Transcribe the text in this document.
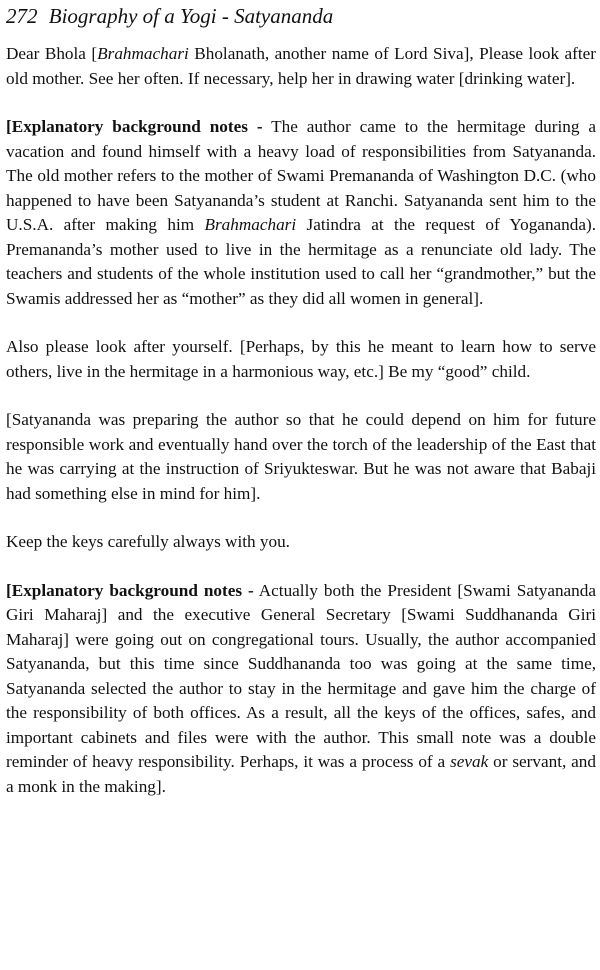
272 Biography of a Yogi - Satyananda

Dear Bhola [Brahmachari Bholanath, another name of Lord Siva], Please look after old mother. See her often. If necessary, help her in drawing water [drinking water].

[Explanatory background notes - The author came to the hermitage during a vacation and found himself with a heavy load of responsibilities from Satyananda. The old mother refers to the mother of Swami Premananda of Washington D.C. (who happened to have been Satyananda’s student at Ranchi. Satyananda sent him to the U.S.A. after making him Brahmachari Jatindra at the request of Yogananda). Premananda’s mother used to live in the hermitage as a renunciate old lady. The teachers and students of the whole institution used to call her “grandmother,” but the Swamis addressed her as “mother” as they did all women in general].

Also please look after yourself. [Perhaps, by this he meant to learn how to serve others, live in the hermitage in a harmonious way, etc.] Be my “good” child.

[Satyananda was preparing the author so that he could depend on him for future responsible work and eventually hand over the torch of the leadership of the East that he was carrying at the instruction of Sriyukteswar. But he was not aware that Babaji had something else in mind for him].

Keep the keys carefully always with you.

[Explanatory background notes - Actually both the President [Swami Satyananda Giri Maharaj] and the executive General Secretary [Swami Suddhananda Giri Maharaj] were going out on congregational tours. Usually, the author accompanied Satyananda, but this time since Suddhananda too was going at the same time, Satyananda selected the author to stay in the hermitage and gave him the charge of the responsibility of both offices. As a result, all the keys of the offices, safes, and important cabinets and files were with the author. This small note was a double reminder of heavy responsibility. Perhaps, it was a process of a sevak or servant, and a monk in the making].
